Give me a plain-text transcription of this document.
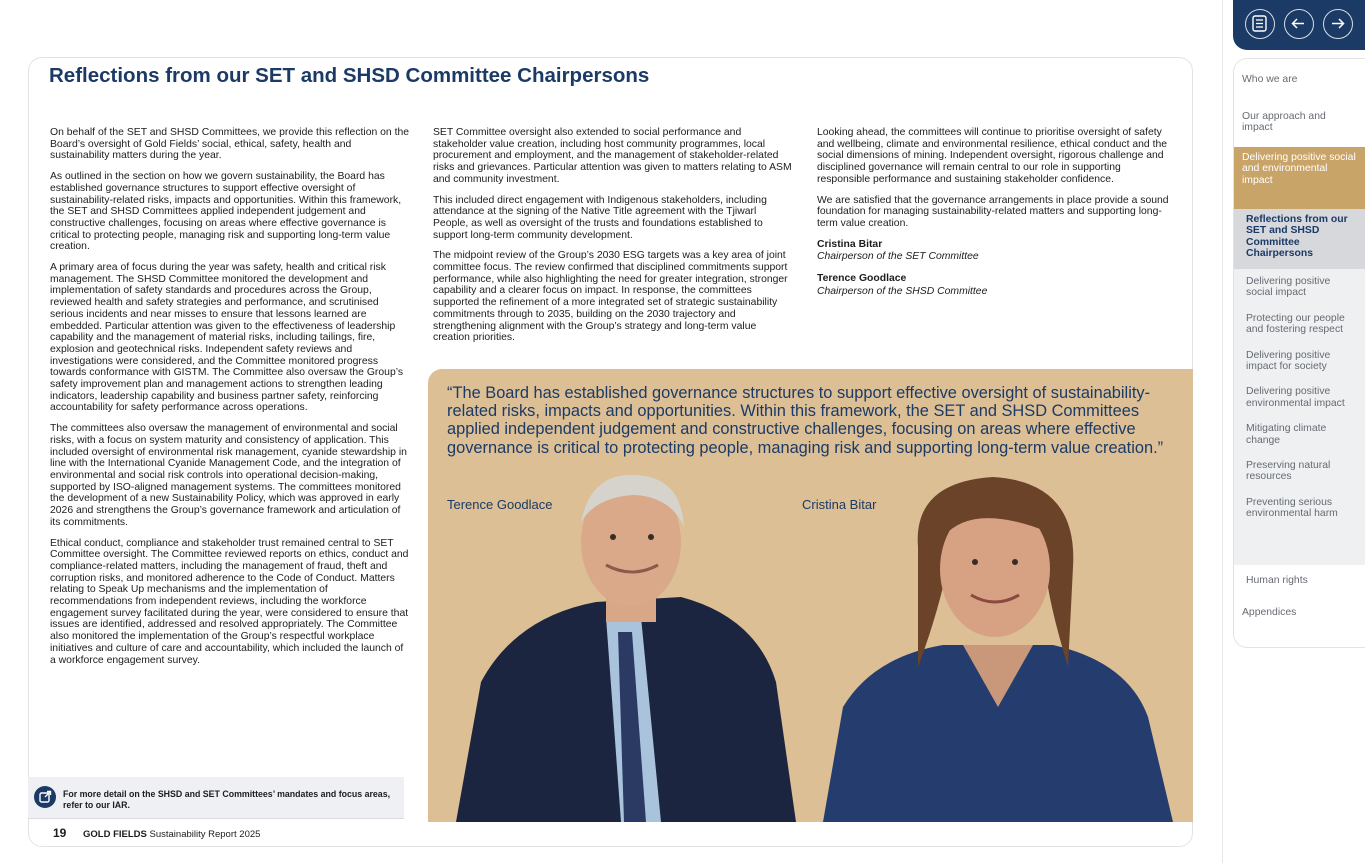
Reflections from our SET and SHSD Committee Chairpersons

On behalf of the SET and SHSD Committees, we provide this reflection on the Board’s oversight of Gold Fields’ social, ethical, safety, health and sustainability matters during the year.

As outlined in the section on how we govern sustainability, the Board has established governance structures to support effective oversight of sustainability-related risks, impacts and opportunities. Within this framework, the SET and SHSD Committees applied independent judgement and constructive challenges, focusing on areas where effective governance is critical to protecting people, managing risk and supporting long-term value creation.

A primary area of focus during the year was safety, health and critical risk management. The SHSD Committee monitored the development and implementation of safety standards and procedures across the Group, reviewed health and safety strategies and performance, and scrutinised serious incidents and near misses to ensure that lessons learned are embedded. Particular attention was given to the effectiveness of leadership capability and the management of material risks, including tailings, fire, explosion and geotechnical risks. Independent safety reviews and investigations were considered, and the Committee monitored progress towards conformance with GISTM. The Committee also oversaw the Group’s safety improvement plan and management actions to strengthen leading indicators, leadership capability and business partner safety, reinforcing accountability for safety performance across operations.

The committees also oversaw the management of environmental and social risks, with a focus on system maturity and consistency of application. This included oversight of environmental risk management, cyanide stewardship in line with the International Cyanide Management Code, and the integration of environmental and social risk controls into operational decision-making, supported by ISO-aligned management systems. The committees monitored the development of a new Sustainability Policy, which was approved in early 2026 and strengthens the Group’s governance framework and articulation of its commitments.

Ethical conduct, compliance and stakeholder trust remained central to SET Committee oversight. The Committee reviewed reports on ethics, conduct and compliance-related matters, including the management of fraud, theft and corruption risks, and monitored adherence to the Code of Conduct. Matters relating to Speak Up mechanisms and the implementation of recommendations from independent reviews, including the workforce engagement survey facilitated during the year, were considered to ensure that issues are identified, addressed and resolved appropriately. The Committee also monitored the implementation of the Group’s respectful workplace initiatives and culture of care and accountability, which included the launch of a workforce engagement survey.

SET Committee oversight also extended to social performance and stakeholder value creation, including host community programmes, local procurement and employment, and the management of stakeholder-related risks and grievances. Particular attention was given to matters relating to ASM and community investment.

This included direct engagement with Indigenous stakeholders, including attendance at the signing of the Native Title agreement with the Tjiwarl People, as well as oversight of the trusts and foundations established to support long-term community development.

The midpoint review of the Group’s 2030 ESG targets was a key area of joint committee focus. The review confirmed that disciplined commitments support performance, while also highlighting the need for greater integration, stronger capability and a clearer focus on impact. In response, the committees supported the refinement of a more integrated set of strategic sustainability commitments through to 2035, building on the 2030 trajectory and strengthening alignment with the Group’s strategy and long-term value creation priorities.

Looking ahead, the committees will continue to prioritise oversight of safety and wellbeing, climate and environmental resilience, ethical conduct and the social dimensions of mining. Independent oversight, rigorous challenge and disciplined governance will remain central to our role in supporting responsible performance and sustaining stakeholder confidence.

We are satisfied that the governance arrangements in place provide a sound foundation for managing sustainability-related matters and supporting long-term value creation.

Cristina Bitar

Chairperson of the SET Committee

Terence Goodlace

Chairperson of the SHSD Committee

“The Board has established governance structures to support effective oversight of sustainability-related risks, impacts and opportunities. Within this framework, the SET and SHSD Committees applied independent judgement and constructive challenges, focusing on areas where effective governance is critical to protecting people, managing risk and supporting long-term value creation.”
Terence Goodlace	Cristina Bitar
For more detail on the SHSD and SET Committees’ mandates and focus areas, refer to our IAR.
19 GOLD FIELDS Sustainability Report 2025
Who we are
Our approach and impact
Delivering positive social and environmental impact
Reflections from our SET and SHSD Committee Chairpersons
Delivering positive social impact
Protecting our people and fostering respect
Delivering positive impact for society
Delivering positive environmental impact
Mitigating climate change
Preserving natural resources
Preventing serious environmental harm
Human rights
Appendices
